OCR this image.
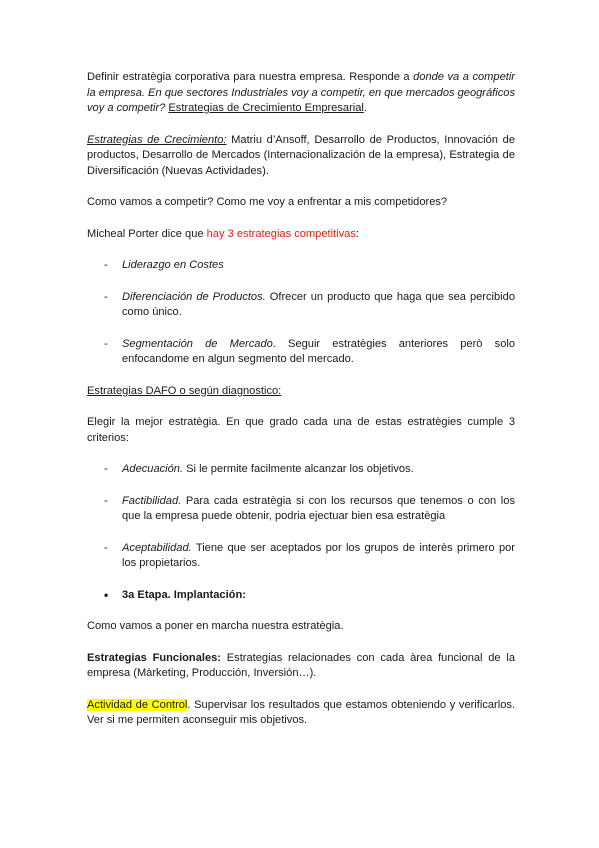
Definir estratègia corporativa para nuestra empresa. Responde a donde va a competir la empresa. En que sectores Industriales voy a competir, en que mercados geográficos voy a competir? Estrategias de Crecimiento Empresarial.

Estrategias de Crecimiento: Matriu d’Ansoff, Desarrollo de Productos, Innovación de productos, Desarrollo de Mercados (Internacionalización de la empresa), Estrategia de Diversificación (Nuevas Actividades).

Como vamos a competir? Como me voy a enfrentar a mis competidores?

Micheal Porter dice que hay 3 estrategias competitivas:

- Liderazgo en Costes
- Diferenciación de Productos. Ofrecer un producto que haga que sea percibido como único.
- Segmentación de Mercado. Seguir estratègies anteriores però solo enfocandome en algun segmento del mercado.

Estrategias DAFO o según diagnostico:

Elegir la mejor estratègia. En que grado cada una de estas estratègies cumple 3 criterios:

- Adecuación. Si le permite facilmente alcanzar los objetivos.
- Factibilidad. Para cada estratègia si con los recursos que tenemos o con los que la empresa puede obtenir, podria ejectuar bien esa estratègia
- Aceptabilidad. Tiene que ser aceptados por los grupos de interès primero por los propietarios.
• 3a Etapa. Implantación:

Como vamos a poner en marcha nuestra estratègia.

Estrategias Funcionales: Estrategias relacionades con cada àrea funcional de la empresa (Màrketing, Producción, Inversión…).

Actividad de Control. Supervisar los resultados que estamos obteniendo y verificarlos. Ver si me permiten aconseguir mis objetivos.
